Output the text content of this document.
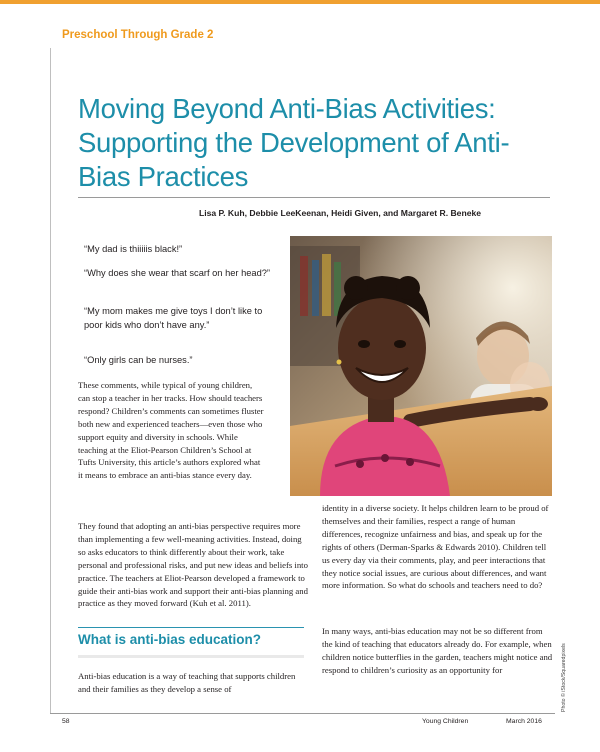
Preschool Through Grade 2
Moving Beyond Anti-Bias Activities: Supporting the Development of Anti-Bias Practices
Lisa P. Kuh, Debbie LeeKeenan, Heidi Given, and Margaret R. Beneke

“My dad is thiiiiis black!”

“Why does she wear that scarf on her head?”

“My mom makes me give toys I don’t like to poor kids who don’t have any.”

“Only girls can be nurses.”

These comments, while typical of young children, can stop a teacher in her tracks. How should teachers respond? Children’s comments can sometimes fluster both new and experienced teachers—even those who support equity and diversity in schools. While teaching at the Eliot-Pearson Children’s School at Tufts University, this article’s authors explored what it means to embrace an anti-bias stance every day.

They found that adopting an anti-bias perspective requires more than implementing a few well-meaning activities. Instead, doing so asks educators to think differently about their work, take personal and professional risks, and put new ideas and beliefs into practice. The teachers at Eliot-Pearson developed a framework to guide their anti-bias work and support their anti-bias planning and practice as they moved forward (Kuh et al. 2011).

What is anti-bias education?

Anti-bias education is a way of teaching that supports children and their families as they develop a sense of

identity in a diverse society. It helps children learn to be proud of themselves and their families, respect a range of human differences, recognize unfairness and bias, and speak up for the rights of others (Derman-Sparks & Edwards 2010). Children tell us every day via their comments, play, and peer interactions that they notice social issues, are curious about differences, and want more information. So what do schools and teachers need to do?

In many ways, anti-bias education may not be so different from the kind of teaching that educators already do. For example, when children notice butterflies in the garden, teachers might notice and respond to children’s curiosity as an opportunity for	Photo © iStock/Squaredpixels
58	Young Children	March 2016
